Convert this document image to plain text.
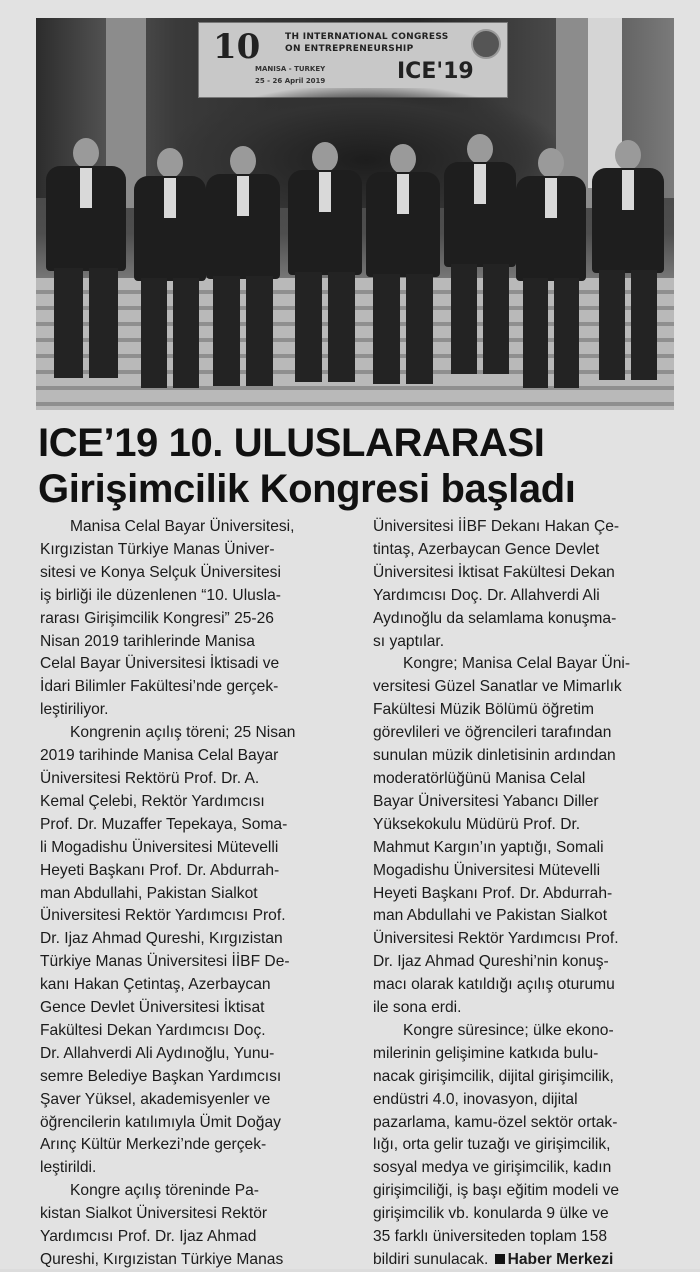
10	TH INTERNATIONAL CONGRESS
ON ENTREPRENEURSHIP
MANISA - TURKEY
25 - 26 April 2019	ICE'19
ICE’19 10. ULUSLARARASI
Girişimcilik Kongresi başladı
Manisa Celal Bayar Üniversitesi,
Kırgızistan Türkiye Manas Üniver-
sitesi ve Konya Selçuk Üniversitesi
iş birliği ile düzenlenen “10. Ulusla-
rarası Girişimcilik Kongresi” 25-26
Nisan 2019 tarihlerinde Manisa
Celal Bayar Üniversitesi İktisadi ve
İdari Bilimler Fakültesi’nde gerçek-
leştiriliyor.
Kongrenin açılış töreni; 25 Nisan
2019 tarihinde Manisa Celal Bayar
Üniversitesi Rektörü Prof. Dr. A.
Kemal Çelebi, Rektör Yardımcısı
Prof. Dr. Muzaffer Tepekaya, Soma-
li Mogadishu Üniversitesi Mütevelli
Heyeti Başkanı Prof. Dr. Abdurrah-
man Abdullahi, Pakistan Sialkot
Üniversitesi Rektör Yardımcısı Prof.
Dr. Ijaz Ahmad Qureshi, Kırgızistan
Türkiye Manas Üniversitesi İİBF De-
kanı Hakan Çetintaş, Azerbaycan
Gence Devlet Üniversitesi İktisat
Fakültesi Dekan Yardımcısı Doç.
Dr. Allahverdi Ali Aydınoğlu, Yunu-
semre Belediye Başkan Yardımcısı
Şaver Yüksel, akademisyenler ve
öğrencilerin katılımıyla Ümit Doğay
Arınç Kültür Merkezi’nde gerçek-
leştirildi.
Kongre açılış töreninde Pa-
kistan Sialkot Üniversitesi Rektör
Yardımcısı Prof. Dr. Ijaz Ahmad
Qureshi, Kırgızistan Türkiye Manas
Üniversitesi İİBF Dekanı Hakan Çe-
tintaş, Azerbaycan Gence Devlet
Üniversitesi İktisat Fakültesi Dekan
Yardımcısı Doç. Dr. Allahverdi Ali
Aydınoğlu da selamlama konuşma-
sı yaptılar.
Kongre; Manisa Celal Bayar Üni-
versitesi Güzel Sanatlar ve Mimarlık
Fakültesi Müzik Bölümü öğretim
görevlileri ve öğrencileri tarafından
sunulan müzik dinletisinin ardından
moderatörlüğünü Manisa Celal
Bayar Üniversitesi Yabancı Diller
Yüksekokulu Müdürü Prof. Dr.
Mahmut Kargın’ın yaptığı, Somali
Mogadishu Üniversitesi Mütevelli
Heyeti Başkanı Prof. Dr. Abdurrah-
man Abdullahi ve Pakistan Sialkot
Üniversitesi Rektör Yardımcısı Prof.
Dr. Ijaz Ahmad Qureshi’nin konuş-
macı olarak katıldığı açılış oturumu
ile sona erdi.
Kongre süresince; ülke ekono-
milerinin gelişimine katkıda bulu-
nacak girişimcilik, dijital girişimcilik,
endüstri 4.0, inovasyon, dijital
pazarlama, kamu-özel sektör ortak-
lığı, orta gelir tuzağı ve girişimcilik,
sosyal medya ve girişimcilik, kadın
girişimciliği, iş başı eğitim modeli ve
girişimcilik vb. konularda 9 ülke ve
35 farklı üniversiteden toplam 158
bildiri sunulacak. Haber Merkezi
